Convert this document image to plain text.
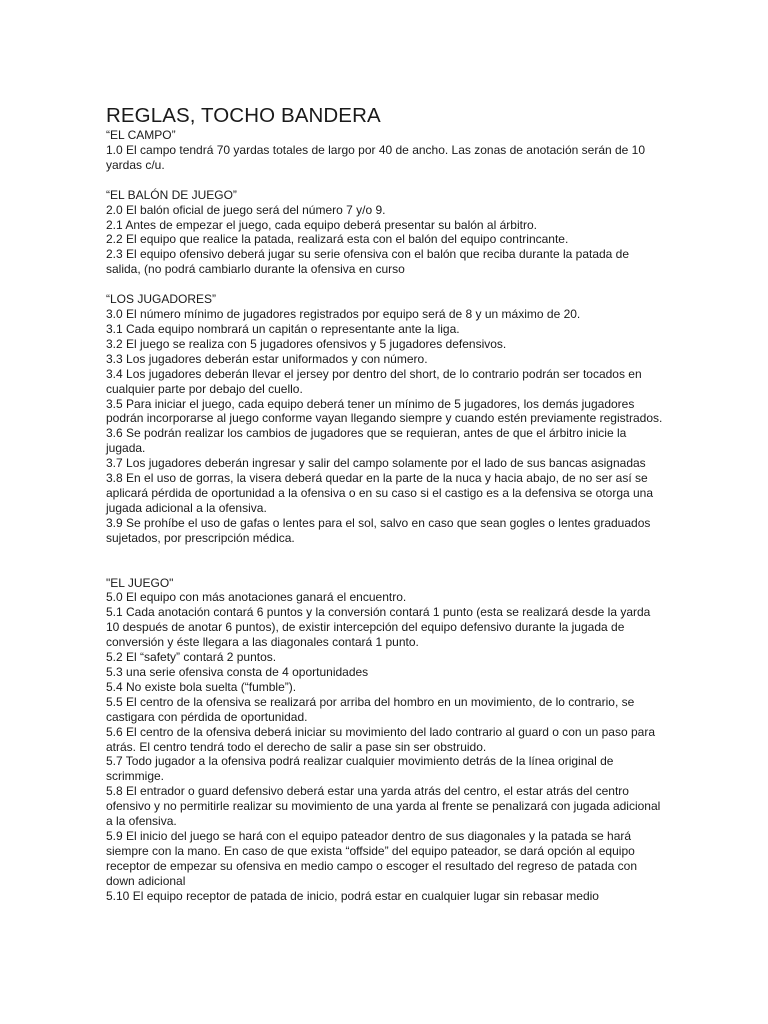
REGLAS, TOCHO BANDERA
“EL CAMPO”
1.0 El campo tendrá 70 yardas totales de largo por 40 de ancho. Las zonas de anotación serán de 10 yardas c/u.
“EL BALÓN DE JUEGO”
2.0 El balón oficial de juego será del número 7 y/o 9.
2.1 Antes de empezar el juego, cada equipo deberá presentar su balón al árbitro.
2.2 El equipo que realice la patada, realizará esta con el balón del equipo contrincante.
2.3 El equipo ofensivo deberá jugar su serie ofensiva con el balón que reciba durante la patada de salida, (no podrá cambiarlo durante la ofensiva en curso
“LOS JUGADORES”
3.0 El número mínimo de jugadores registrados por equipo será de 8 y un máximo de 20.
3.1 Cada equipo nombrará un capitán o representante ante la liga.
3.2 El juego se realiza con 5 jugadores ofensivos y 5 jugadores defensivos.
3.3 Los jugadores deberán estar uniformados y con número.
3.4 Los jugadores deberán llevar el jersey por dentro del short, de lo contrario podrán ser tocados en cualquier parte por debajo del cuello.
3.5 Para iniciar el juego, cada equipo deberá tener un mínimo de 5 jugadores, los demás jugadores podrán incorporarse al juego conforme vayan llegando siempre y cuando estén previamente registrados.
3.6 Se podrán realizar los cambios de jugadores que se requieran, antes de que el árbitro inicie la jugada.
3.7 Los jugadores deberán ingresar y salir del campo solamente por el lado de sus bancas asignadas
3.8 En el uso de gorras, la visera deberá quedar en la parte de la nuca y hacia abajo, de no ser así se aplicará pérdida de oportunidad a la ofensiva o en su caso si el castigo es a la defensiva se otorga una jugada adicional a la ofensiva.
3.9 Se prohíbe el uso de gafas o lentes para el sol, salvo en caso que sean gogles o lentes graduados sujetados, por prescripción médica.
"EL JUEGO"
5.0 El equipo con más anotaciones ganará el encuentro.
5.1 Cada anotación contará 6 puntos y la conversión contará 1 punto (esta se realizará desde la yarda 10 después de anotar 6 puntos), de existir intercepción del equipo defensivo durante la jugada de conversión y éste llegara a las diagonales contará 1 punto.
5.2 El “safety” contará 2 puntos.
5.3 una serie ofensiva consta de 4 oportunidades
5.4 No existe bola suelta (“fumble”).
5.5 El centro de la ofensiva se realizará por arriba del hombro en un movimiento, de lo contrario, se castigara con pérdida de oportunidad.
5.6 El centro de la ofensiva deberá iniciar su movimiento del lado contrario al guard o con un paso para atrás. El centro tendrá todo el derecho de salir a pase sin ser obstruido.
5.7 Todo jugador a la ofensiva podrá realizar cualquier movimiento detrás de la línea original de scrimmige.
5.8 El entrador o guard defensivo deberá estar una yarda atrás del centro, el estar atrás del centro ofensivo y no permitirle realizar su movimiento de una yarda al frente se penalizará con jugada adicional a la ofensiva.
5.9 El inicio del juego se hará con el equipo pateador dentro de sus diagonales y la patada se hará siempre con la mano. En caso de que exista “offside” del equipo pateador, se dará opción al equipo receptor de empezar su ofensiva en medio campo o escoger el resultado del regreso de patada con down adicional
5.10 El equipo receptor de patada de inicio, podrá estar en cualquier lugar sin rebasar medio
